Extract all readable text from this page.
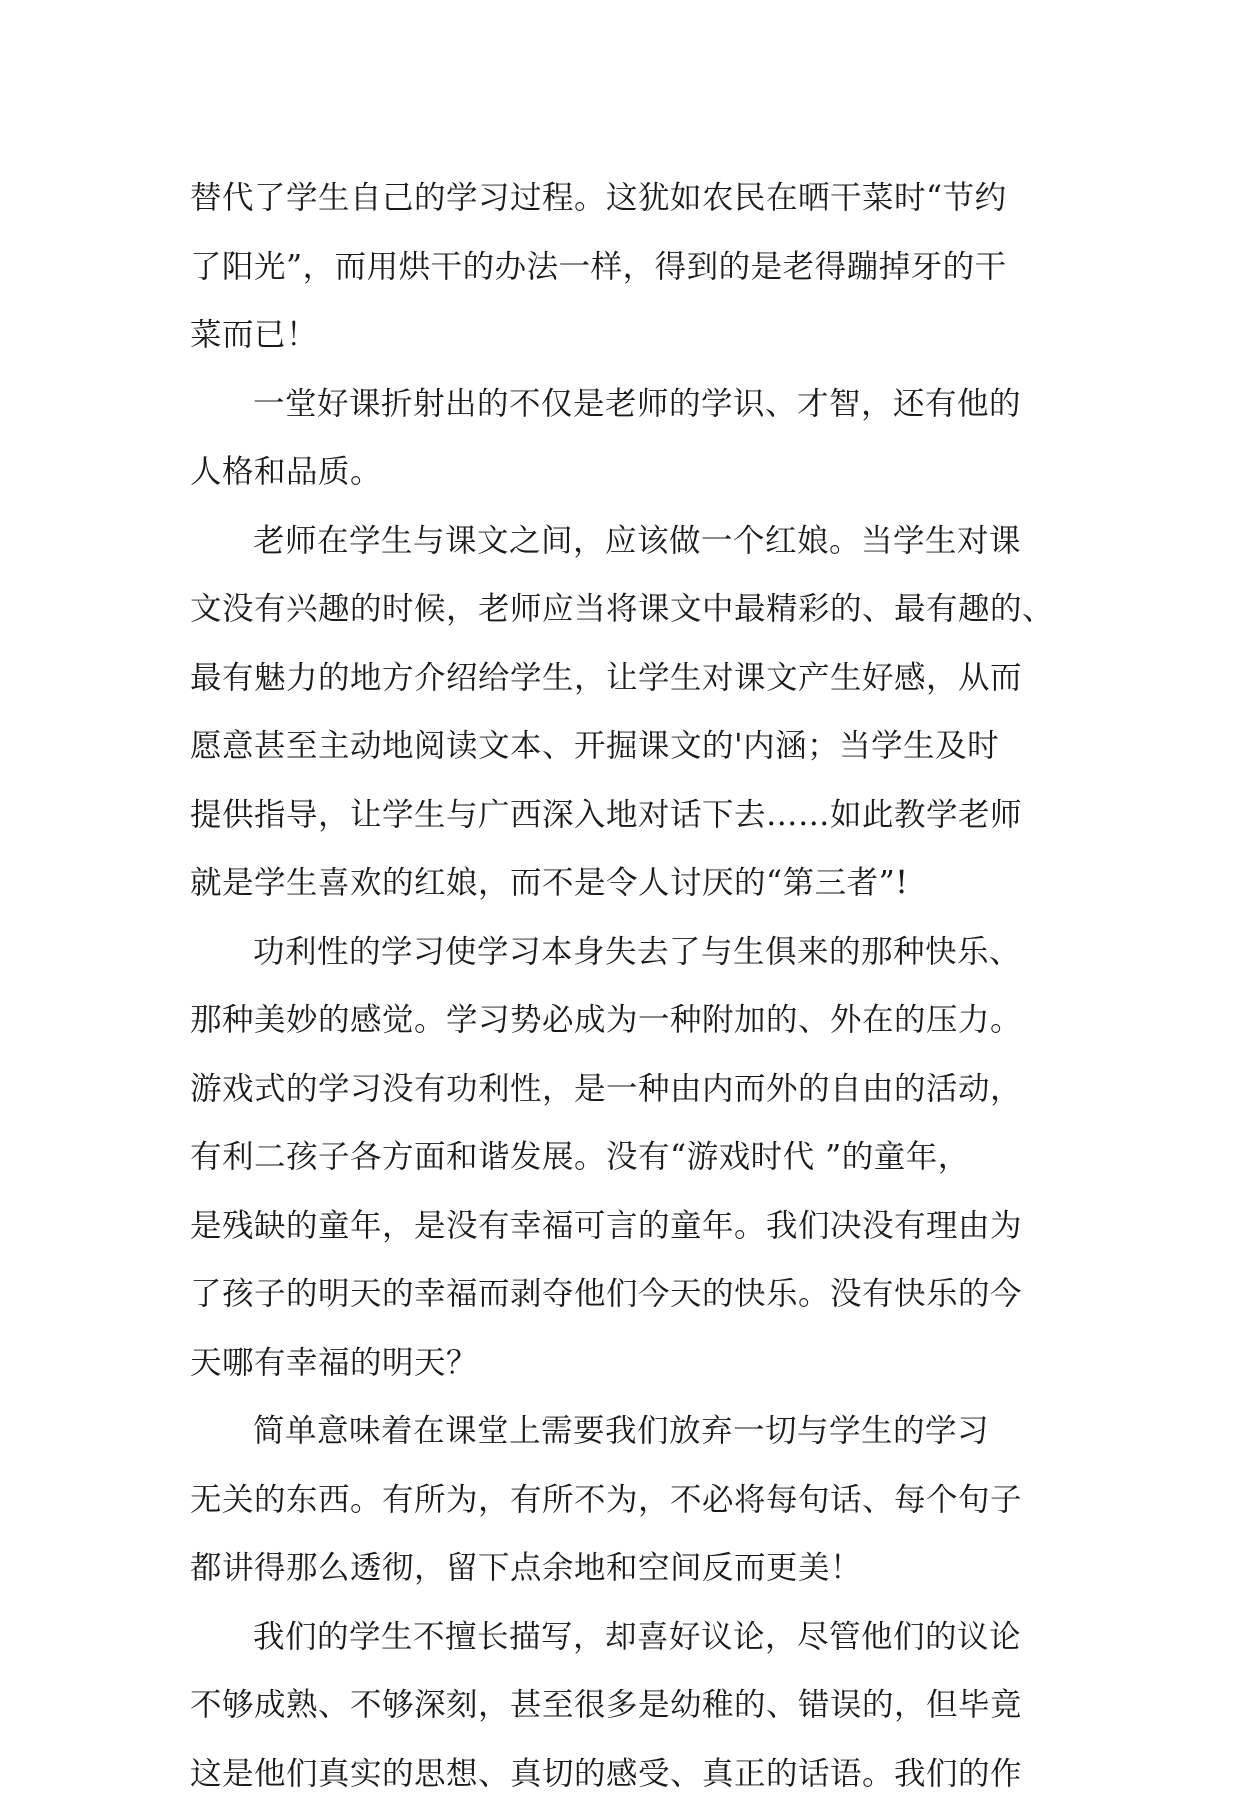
替代了学生自己的学习过程。这犹如农民在晒干菜时“节约
了阳光”，而用烘干的办法一样，得到的是老得蹦掉牙的干
菜而已！
一堂好课折射出的不仅是老师的学识、才智，还有他的
人格和品质。
老师在学生与课文之间，应该做一个红娘。当学生对课
文没有兴趣的时候，老师应当将课文中最精彩的、最有趣的、
最有魅力的地方介绍给学生，让学生对课文产生好感，从而
愿意甚至主动地阅读文本、开掘课文的'内涵；当学生及时
提供指导，让学生与广西深入地对话下去……如此教学老师
就是学生喜欢的红娘，而不是令人讨厌的“第三者”!
功利性的学习使学习本身失去了与生俱来的那种快乐、
那种美妙的感觉。学习势必成为一种附加的、外在的压力。
游戏式的学习没有功利性，是一种由内而外的自由的活动，
有利二孩子各方面和谐发展。没有“游戏时代 ”的童年，
是残缺的童年，是没有幸福可言的童年。我们决没有理由为
了孩子的明天的幸福而剥夺他们今天的快乐。没有快乐的今
天哪有幸福的明天？
简单意味着在课堂上需要我们放弃一切与学生的学习
无关的东西。有所为，有所不为，不必将每句话、每个句子
都讲得那么透彻，留下点余地和空间反而更美！
我们的学生不擅长描写，却喜好议论，尽管他们的议论
不够成熟、不够深刻，甚至很多是幼稚的、错误的，但毕竟
这是他们真实的思想、真切的感受、真正的话语。我们的作
